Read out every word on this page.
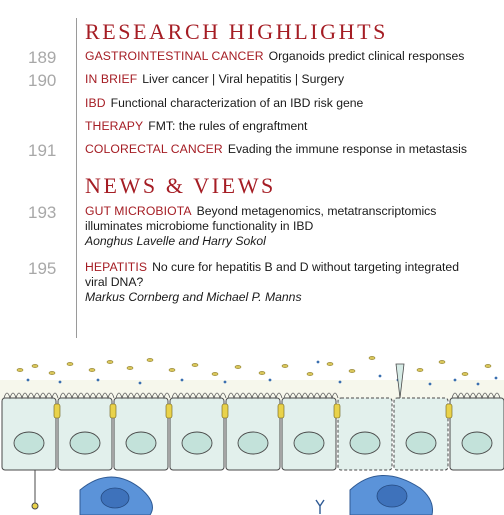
RESEARCH HIGHLIGHTS
189	GASTROINTESTINAL CANCER Organoids predict clinical responses
190	IN BRIEF Liver cancer | Viral hepatitis | Surgery
IBD Functional characterization of an IBD risk gene
THERAPY FMT: the rules of engraftment
191	COLORECTAL CANCER Evading the immune response in metastasis
NEWS & VIEWS
193	GUT MICROBIOTA Beyond metagenomics, metatranscriptomics illuminates microbiome functionality in IBD
Aonghus Lavelle and Harry Sokol
195	HEPATITIS No cure for hepatitis B and D without targeting integrated viral DNA?
Markus Cornberg and Michael P. Manns
